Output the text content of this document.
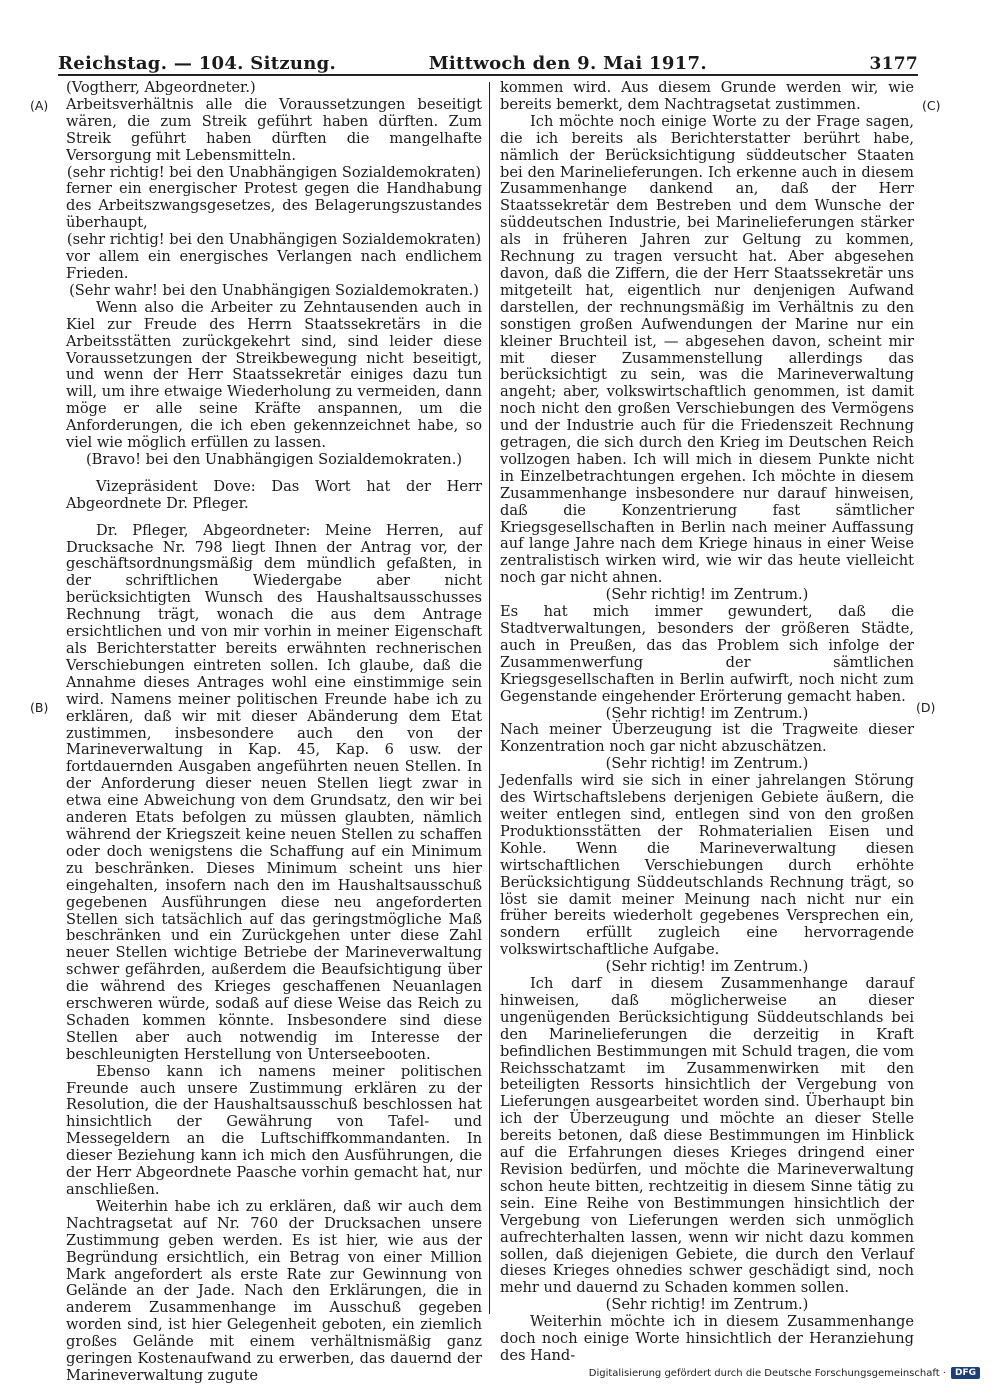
Reichstag. — 104. Sitzung.	Mittwoch den 9. Mai 1917.	3177
(A)
(B)
(C)
(D)

(Vogtherr, Abgeordneter.)

Arbeitsverhältnis alle die Voraussetzungen beseitigt wären, die zum Streik geführt haben dürften. Zum Streik geführt haben dürften die mangelhafte Versorgung mit Lebensmitteln.

(sehr richtig! bei den Unabhängigen Sozialdemokraten)

ferner ein energischer Protest gegen die Handhabung des Arbeitszwangsgesetzes, des Belagerungszustandes überhaupt,

(sehr richtig! bei den Unabhängigen Sozialdemokraten)

vor allem ein energisches Verlangen nach endlichem Frieden.

(Sehr wahr! bei den Unabhängigen Sozialdemokraten.)

Wenn also die Arbeiter zu Zehntausenden auch in Kiel zur Freude des Herrn Staatssekretärs in die Arbeitsstätten zurückgekehrt sind, sind leider diese Voraussetzungen der Streikbewegung nicht beseitigt, und wenn der Herr Staatssekretär einiges dazu tun will, um ihre etwaige Wiederholung zu vermeiden, dann möge er alle seine Kräfte anspannen, um die Anforderungen, die ich eben gekennzeichnet habe, so viel wie möglich erfüllen zu lassen.

(Bravo! bei den Unabhängigen Sozialdemokraten.)

Vizepräsident Dove: Das Wort hat der Herr Abgeordnete Dr. Pfleger.

Dr. Pfleger, Abgeordneter: Meine Herren, auf Drucksache Nr. 798 liegt Ihnen der Antrag vor, der geschäftsordnungsmäßig dem mündlich gefaßten, in der schriftlichen Wiedergabe aber nicht berücksichtigten Wunsch des Haushaltsausschusses Rechnung trägt, wonach die aus dem Antrage ersichtlichen und von mir vorhin in meiner Eigenschaft als Berichterstatter bereits erwähnten rechnerischen Verschiebungen eintreten sollen. Ich glaube, daß die Annahme dieses Antrages wohl eine einstimmige sein wird. Namens meiner politischen Freunde habe ich zu erklären, daß wir mit dieser Abänderung dem Etat zustimmen, insbesondere auch den von der Marineverwaltung in Kap. 45, Kap. 6 usw. der fortdauernden Ausgaben angeführten neuen Stellen. In der Anforderung dieser neuen Stellen liegt zwar in etwa eine Abweichung von dem Grundsatz, den wir bei anderen Etats befolgen zu müssen glaubten, nämlich während der Kriegszeit keine neuen Stellen zu schaffen oder doch wenigstens die Schaffung auf ein Minimum zu beschränken. Dieses Minimum scheint uns hier eingehalten, insofern nach den im Haushaltsausschuß gegebenen Ausführungen diese neu angeforderten Stellen sich tatsächlich auf das geringstmögliche Maß beschränken und ein Zurückgehen unter diese Zahl neuer Stellen wichtige Betriebe der Marineverwaltung schwer gefährden, außerdem die Beaufsichtigung über die während des Krieges geschaffenen Neuanlagen erschweren würde, sodaß auf diese Weise das Reich zu Schaden kommen könnte. Insbesondere sind diese Stellen aber auch notwendig im Interesse der beschleunigten Herstellung von Unterseebooten.

Ebenso kann ich namens meiner politischen Freunde auch unsere Zustimmung erklären zu der Resolution, die der Haushaltsausschuß beschlossen hat hinsichtlich der Gewährung von Tafel- und Messegeldern an die Luftschiffkommandanten. In dieser Beziehung kann ich mich den Ausführungen, die der Herr Abgeordnete Paasche vorhin gemacht hat, nur anschließen.

Weiterhin habe ich zu erklären, daß wir auch dem Nachtragsetat auf Nr. 760 der Drucksachen unsere Zustimmung geben werden. Es ist hier, wie aus der Begründung ersichtlich, ein Betrag von einer Million Mark angefordert als erste Rate zur Gewinnung von Gelände an der Jade. Nach den Erklärungen, die in anderem Zusammenhange im Ausschuß gegeben worden sind, ist hier Gelegenheit geboten, ein ziemlich großes Gelände mit einem verhältnismäßig ganz geringen Kostenaufwand zu erwerben, das dauernd der Marineverwaltung zugute

kommen wird. Aus diesem Grunde werden wir, wie bereits bemerkt, dem Nachtragsetat zustimmen.

Ich möchte noch einige Worte zu der Frage sagen, die ich bereits als Berichterstatter berührt habe, nämlich der Berücksichtigung süddeutscher Staaten bei den Marinelieferungen. Ich erkenne auch in diesem Zusammenhange dankend an, daß der Herr Staatssekretär dem Bestreben und dem Wunsche der süddeutschen Industrie, bei Marinelieferungen stärker als in früheren Jahren zur Geltung zu kommen, Rechnung zu tragen versucht hat. Aber abgesehen davon, daß die Ziffern, die der Herr Staatssekretär uns mitgeteilt hat, eigentlich nur denjenigen Aufwand darstellen, der rechnungsmäßig im Verhältnis zu den sonstigen großen Aufwendungen der Marine nur ein kleiner Bruchteil ist, — abgesehen davon, scheint mir mit dieser Zusammenstellung allerdings das berücksichtigt zu sein, was die Marineverwaltung angeht; aber, volkswirtschaftlich genommen, ist damit noch nicht den großen Verschiebungen des Vermögens und der Industrie auch für die Friedenszeit Rechnung getragen, die sich durch den Krieg im Deutschen Reich vollzogen haben. Ich will mich in diesem Punkte nicht in Einzelbetrachtungen ergehen. Ich möchte in diesem Zusammenhange insbesondere nur darauf hinweisen, daß die Konzentrierung fast sämtlicher Kriegsgesellschaften in Berlin nach meiner Auffassung auf lange Jahre nach dem Kriege hinaus in einer Weise zentralistisch wirken wird, wie wir das heute vielleicht noch gar nicht ahnen.

(Sehr richtig! im Zentrum.)

Es hat mich immer gewundert, daß die Stadtverwaltungen, besonders der größeren Städte, auch in Preußen, das das Problem sich infolge der Zusammenwerfung der sämtlichen Kriegsgesellschaften in Berlin aufwirft, noch nicht zum Gegenstande eingehender Erörterung gemacht haben.

(Sehr richtig! im Zentrum.)

Nach meiner Überzeugung ist die Tragweite dieser Konzentration noch gar nicht abzuschätzen.

(Sehr richtig! im Zentrum.)

Jedenfalls wird sie sich in einer jahrelangen Störung des Wirtschaftslebens derjenigen Gebiete äußern, die weiter entlegen sind, entlegen sind von den großen Produktionsstätten der Rohmaterialien Eisen und Kohle. Wenn die Marineverwaltung diesen wirtschaftlichen Verschiebungen durch erhöhte Berücksichtigung Süddeutschlands Rechnung trägt, so löst sie damit meiner Meinung nach nicht nur ein früher bereits wiederholt gegebenes Versprechen ein, sondern erfüllt zugleich eine hervorragende volkswirtschaftliche Aufgabe.

(Sehr richtig! im Zentrum.)

Ich darf in diesem Zusammenhange darauf hinweisen, daß möglicherweise an dieser ungenügenden Berücksichtigung Süddeutschlands bei den Marinelieferungen die derzeitig in Kraft befindlichen Bestimmungen mit Schuld tragen, die vom Reichsschatzamt im Zusammenwirken mit den beteiligten Ressorts hinsichtlich der Vergebung von Lieferungen ausgearbeitet worden sind. Überhaupt bin ich der Überzeugung und möchte an dieser Stelle bereits betonen, daß diese Bestimmungen im Hinblick auf die Erfahrungen dieses Krieges dringend einer Revision bedürfen, und möchte die Marineverwaltung schon heute bitten, rechtzeitig in diesem Sinne tätig zu sein. Eine Reihe von Bestimmungen hinsichtlich der Vergebung von Lieferungen werden sich unmöglich aufrechterhalten lassen, wenn wir nicht dazu kommen sollen, daß diejenigen Gebiete, die durch den Verlauf dieses Krieges ohnedies schwer geschädigt sind, noch mehr und dauernd zu Schaden kommen sollen.

(Sehr richtig! im Zentrum.)

Weiterhin möchte ich in diesem Zusammenhange doch noch einige Worte hinsichtlich der Heranziehung des Hand-

Digitalisierung gefördert durch die Deutsche Forschungsgemeinschaft ·	DFG
